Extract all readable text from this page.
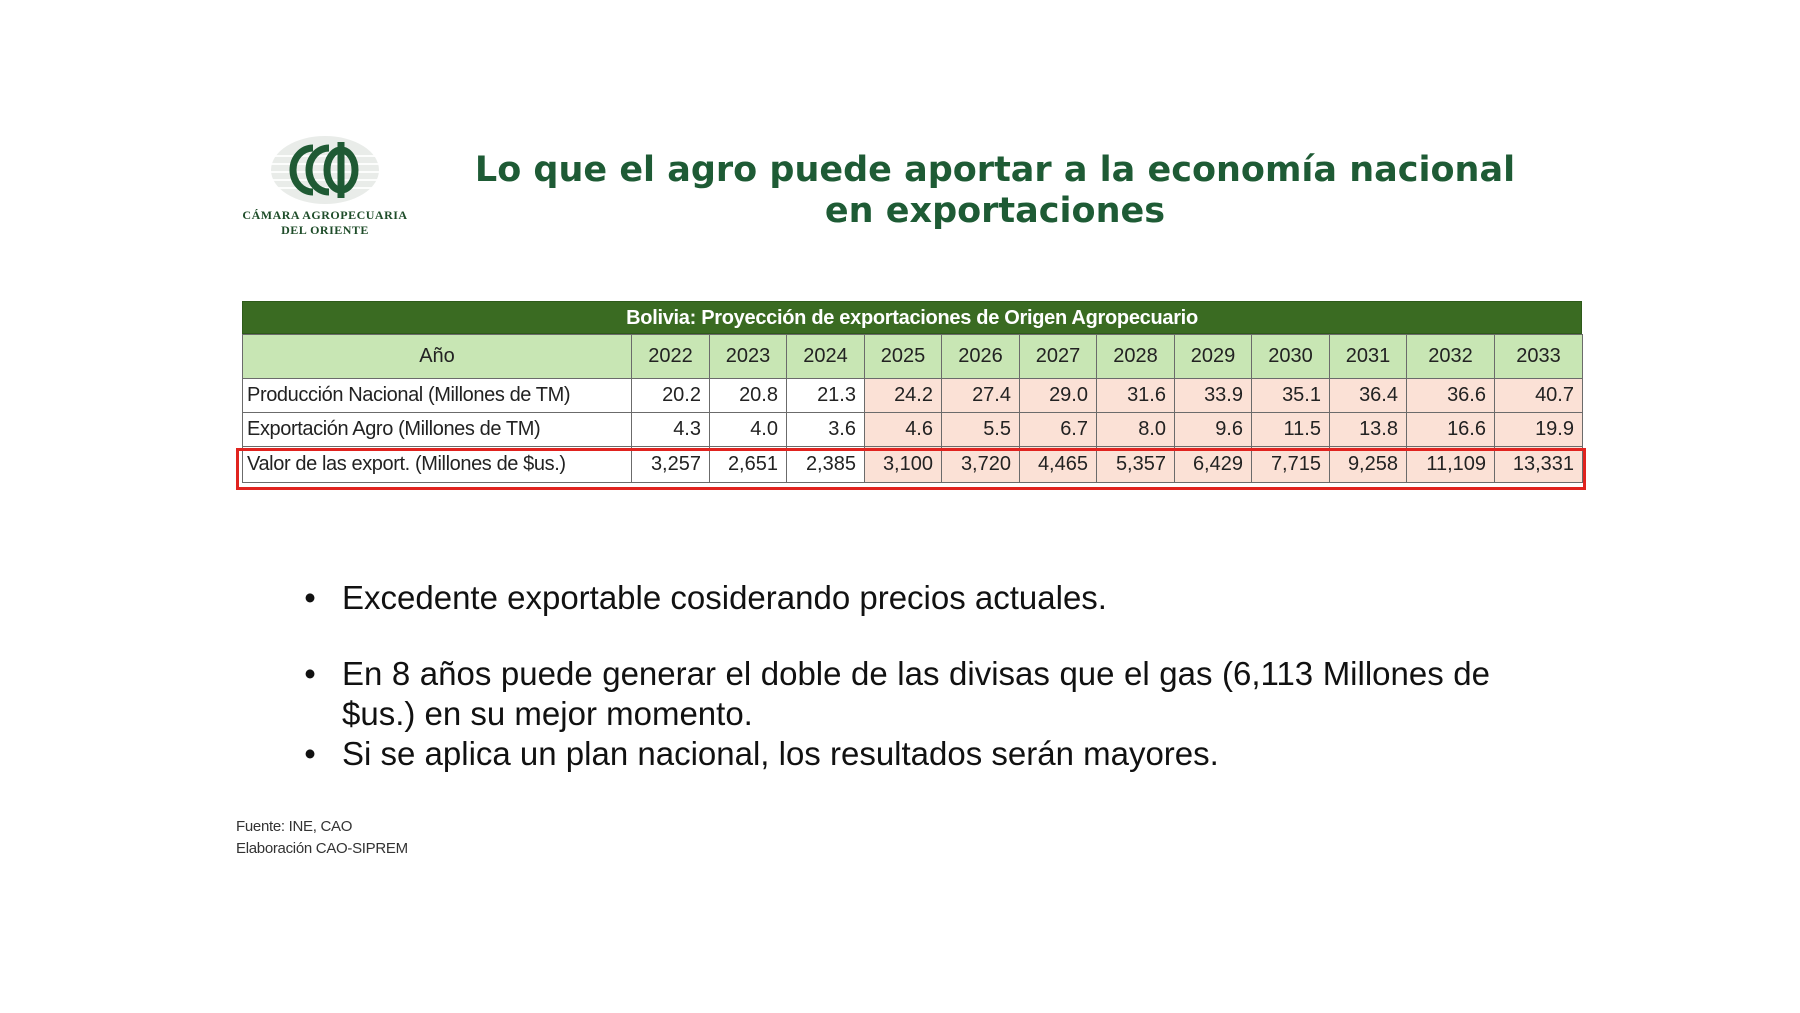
CÁMARA AGROPECUARIA
DEL ORIENTE
Lo que el agro puede aportar a la economía nacional
en exportaciones
Bolivia: Proyección de exportaciones de Origen Agropecuario
Año	2022	2023	2024	2025	2026	2027	2028	2029	2030	2031	2032	2033
Producción Nacional (Millones de TM)	20.2	20.8	21.3	24.2	27.4	29.0	31.6	33.9	35.1	36.4	36.6	40.7
Exportación Agro (Millones de TM)	4.3	4.0	3.6	4.6	5.5	6.7	8.0	9.6	11.5	13.8	16.6	19.9
Valor de las export. (Millones de $us.)	3,257	2,651	2,385	3,100	3,720	4,465	5,357	6,429	7,715	9,258	11,109	13,331
• Excedente exportable cosiderando precios actuales.
• En 8 años puede generar el doble de las divisas que el gas (6,113 Millones de $us.) en su mejor momento.
• Si se aplica un plan nacional, los resultados serán mayores.
Fuente: INE, CAO
Elaboración CAO-SIPREM
